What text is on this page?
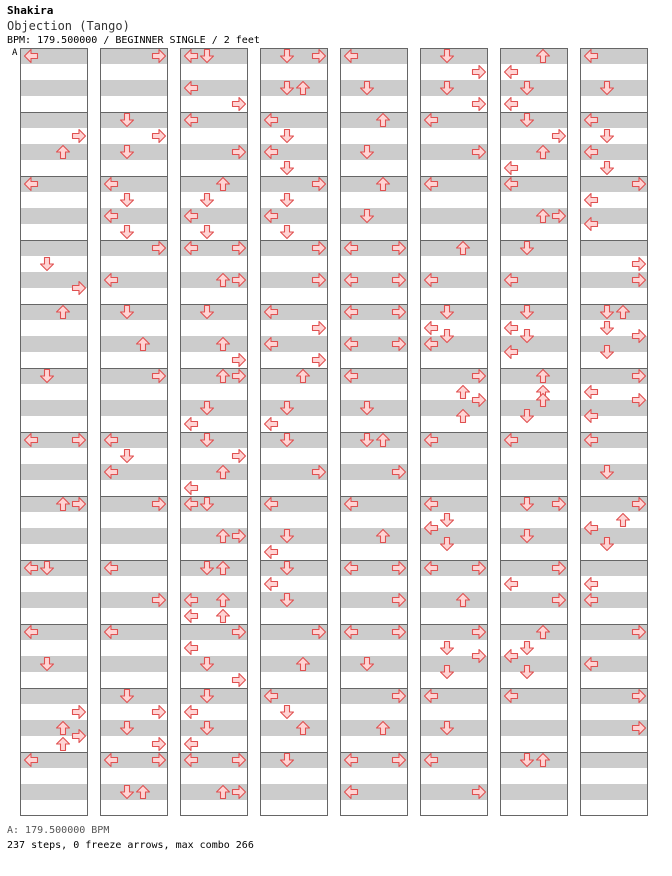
Shakira
Objection (Tango)
BPM: 179.500000 / BEGINNER SINGLE / 2 feet
A
A: 179.500000 BPM
237 steps, 0 freeze arrows, max combo 266
